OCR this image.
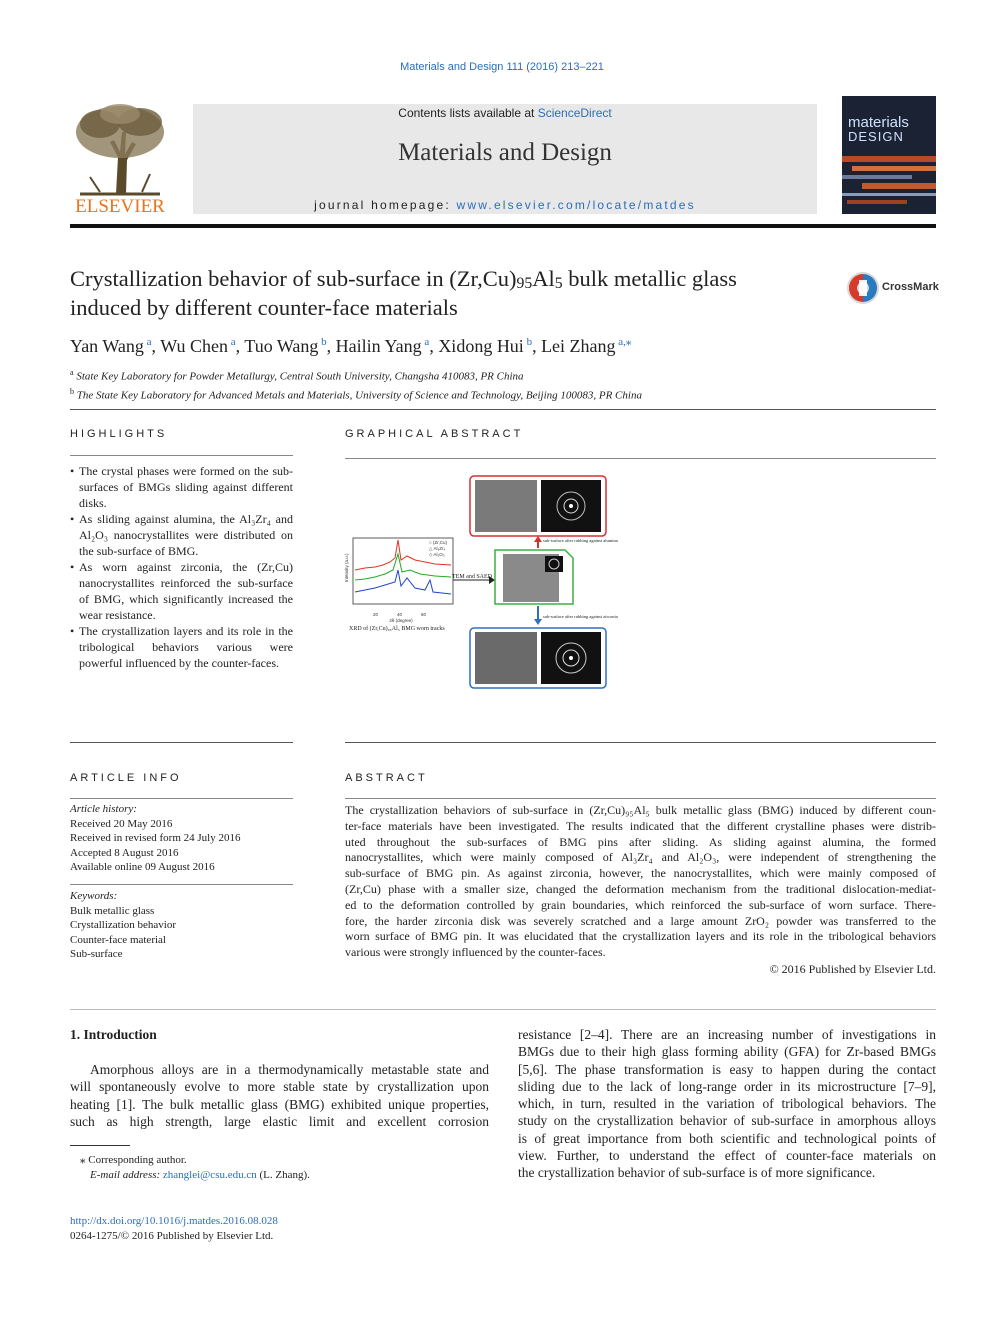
Materials and Design 111 (2016) 213–221
ELSEVIER
Contents lists available at ScienceDirect
Materials and Design
journal homepage: www.elsevier.com/locate/matdes
materials
DESIGN
Crystallization behavior of sub-surface in $(Zr,Cu)_{95}Al_5$ bulk metallic glass
induced by different counter-face materials
CrossMark
Yan Wang $^a$, Wu Chen $^a$, Tuo Wang $^b$, Hailin Yang $^a$, Xidong Hui $^b$, Lei Zhang $^{a,⁎}$
$^a$ State Key Laboratory for Powder Metallurgy, Central South University, Changsha 410083, PR China
$^b$ The State Key Laboratory for Advanced Metals and Materials, University of Science and Technology, Beijing 100083, PR China
HIGHLIGHTS
• The crystal phases were formed on the sub-surfaces of BMGs sliding against different disks.
• As sliding against alumina, the Al₃Zr₄ and Al₂O₃ nanocrystallites were distributed on the sub-surface of BMG.
• As worn against zirconia, the (Zr,Cu) nanocrystallites reinforced the sub-surface of BMG, which significantly increased the wear resistance.
• The crystallization layers and its role in the tribological behaviors various were powerful influenced by the counter-faces.
GRAPHICAL ABSTRACT
○ (Zr,Cu)
△ Al₃Zr₄
◇ Al₂O₃
20	40	60
2θ (degree)
Intensity (a.u.)
XRD of (Zr,Cu)₉₅Al₅ BMG worn tracks
TEM and SAED
sub-surface after rubbing against alumina
sub-surface after rubbing against zirconia
ARTICLE INFO
Article history:
Received 20 May 2016
Received in revised form 24 July 2016
Accepted 8 August 2016
Available online 09 August 2016
Keywords:
Bulk metallic glass
Crystallization behavior
Counter-face material
Sub-surface
ABSTRACT
The crystallization behaviors of sub-surface in (Zr,Cu)₉₅Al₅ bulk metallic glass (BMG) induced by different coun-
ter-face materials have been investigated. The results indicated that the different crystalline phases were distrib-
uted throughout the sub-surfaces of BMG pins after sliding. As sliding against alumina, the formed
nanocrystallites, which were mainly composed of Al₃Zr₄ and Al₂O₃, were independent of strengthening the
sub-surface of BMG pin. As against zirconia, however, the nanocrystallites, which were mainly composed of
(Zr,Cu) phase with a smaller size, changed the deformation mechanism from the traditional dislocation-mediat-
ed to the deformation controlled by grain boundaries, which reinforced the sub-surface of worn surface. There-
fore, the harder zirconia disk was severely scratched and a large amount ZrO₂ powder was transferred to the
worn surface of BMG pin. It was elucidated that the crystallization layers and its role in the tribological behaviors
various were strongly influenced by the counter-faces.
© 2016 Published by Elsevier Ltd.
1. Introduction
Amorphous alloys are in a thermodynamically metastable state and
will spontaneously evolve to more stable state by crystallization upon
heating [1]. The bulk metallic glass (BMG) exhibited unique properties,
such as high strength, large elastic limit and excellent corrosion
resistance [2–4]. There are an increasing number of investigations in
BMGs due to their high glass forming ability (GFA) for Zr-based BMGs
[5,6]. The phase transformation is easy to happen during the contact
sliding due to the lack of long-range order in its microstructure [7–9],
which, in turn, resulted in the variation of tribological behaviors. The
study on the crystallization behavior of sub-surface in amorphous alloys
is of great importance from both scientific and technological points of
view. Further, to understand the effect of counter-face materials on
the crystallization behavior of sub-surface is of more significance.
⁎ Corresponding author.
E-mail address: zhanglei@csu.edu.cn (L. Zhang).
http://dx.doi.org/10.1016/j.matdes.2016.08.028
0264-1275/© 2016 Published by Elsevier Ltd.
